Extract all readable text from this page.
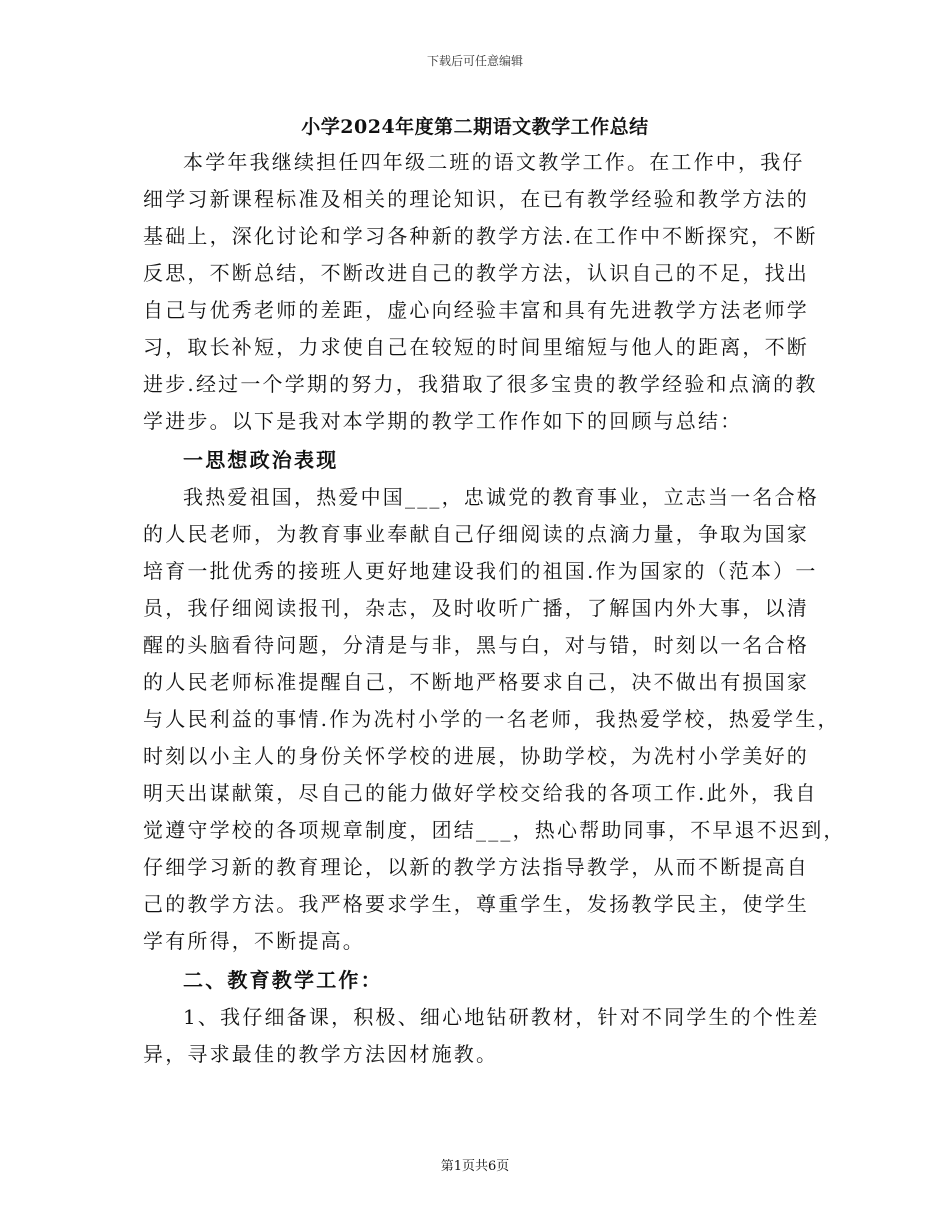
下载后可任意编辑
小学2024年度第二期语文教学工作总结
本学年我继续担任四年级二班的语文教学工作。在工作中，我仔
细学习新课程标准及相关的理论知识，在已有教学经验和教学方法的
基础上，深化讨论和学习各种新的教学方法.在工作中不断探究，不断
反思，不断总结，不断改进自己的教学方法，认识自己的不足，找出
自己与优秀老师的差距，虚心向经验丰富和具有先进教学方法老师学
习，取长补短，力求使自己在较短的时间里缩短与他人的距离，不断
进步.经过一个学期的努力，我猎取了很多宝贵的教学经验和点滴的教
学进步。以下是我对本学期的教学工作作如下的回顾与总结：
一思想政治表现
我热爱祖国，热爱中国___，忠诚党的教育事业，立志当一名合格
的人民老师，为教育事业奉献自己仔细阅读的点滴力量，争取为国家
培育一批优秀的接班人更好地建设我们的祖国.作为国家的（范本）一
员，我仔细阅读报刊，杂志，及时收听广播，了解国内外大事，以清
醒的头脑看待问题，分清是与非，黑与白，对与错，时刻以一名合格
的人民老师标准提醒自己，不断地严格要求自己，决不做出有损国家
与人民利益的事情.作为冼村小学的一名老师，我热爱学校，热爱学生，
时刻以小主人的身份关怀学校的进展，协助学校，为冼村小学美好的
明天出谋献策，尽自己的能力做好学校交给我的各项工作.此外，我自
觉遵守学校的各项规章制度，团结___，热心帮助同事，不早退不迟到，
仔细学习新的教育理论，以新的教学方法指导教学，从而不断提高自
己的教学方法。我严格要求学生，尊重学生，发扬教学民主，使学生
学有所得，不断提高。
二、教育教学工作：
1、我仔细备课，积极、细心地钻研教材，针对不同学生的个性差
异，寻求最佳的教学方法因材施教。
第1页共6页
